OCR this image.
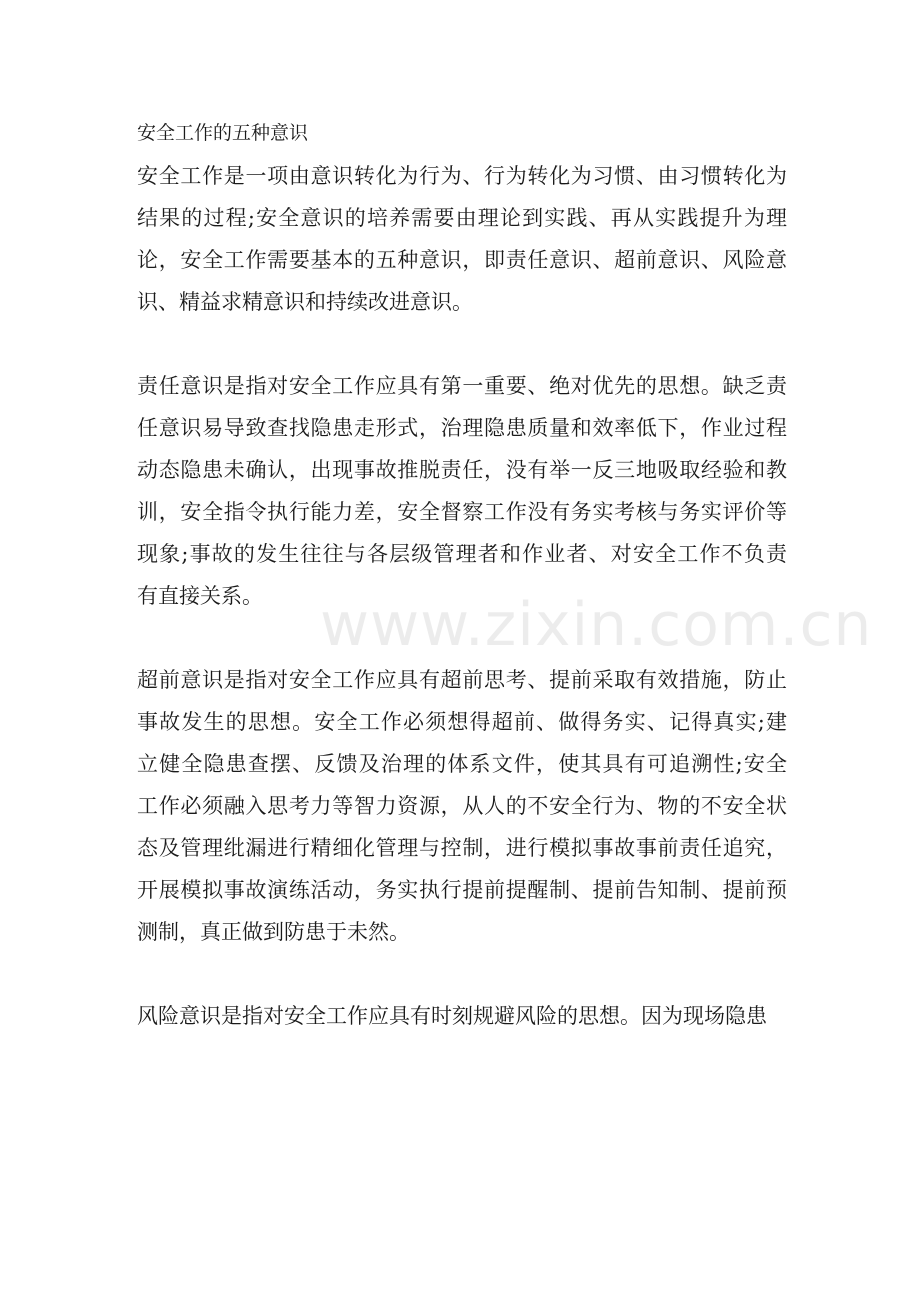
www.zixin.com.cn
安全工作的五种意识

安全工作是一项由意识转化为行为、行为转化为习惯、由习惯转化为
结果的过程;安全意识的培养需要由理论到实践、再从实践提升为理
论，安全工作需要基本的五种意识，即责任意识、超前意识、风险意
识、精益求精意识和持续改进意识。

责任意识是指对安全工作应具有第一重要、绝对优先的思想。缺乏责
任意识易导致查找隐患走形式，治理隐患质量和效率低下，作业过程
动态隐患未确认，出现事故推脱责任，没有举一反三地吸取经验和教
训，安全指令执行能力差，安全督察工作没有务实考核与务实评价等
现象;事故的发生往往与各层级管理者和作业者、对安全工作不负责
有直接关系。

超前意识是指对安全工作应具有超前思考、提前采取有效措施，防止
事故发生的思想。安全工作必须想得超前、做得务实、记得真实;建
立健全隐患查摆、反馈及治理的体系文件，使其具有可追溯性;安全
工作必须融入思考力等智力资源，从人的不安全行为、物的不安全状
态及管理纰漏进行精细化管理与控制，进行模拟事故事前责任追究，
开展模拟事故演练活动，务实执行提前提醒制、提前告知制、提前预
测制，真正做到防患于未然。

风险意识是指对安全工作应具有时刻规避风险的思想。因为现场隐患
